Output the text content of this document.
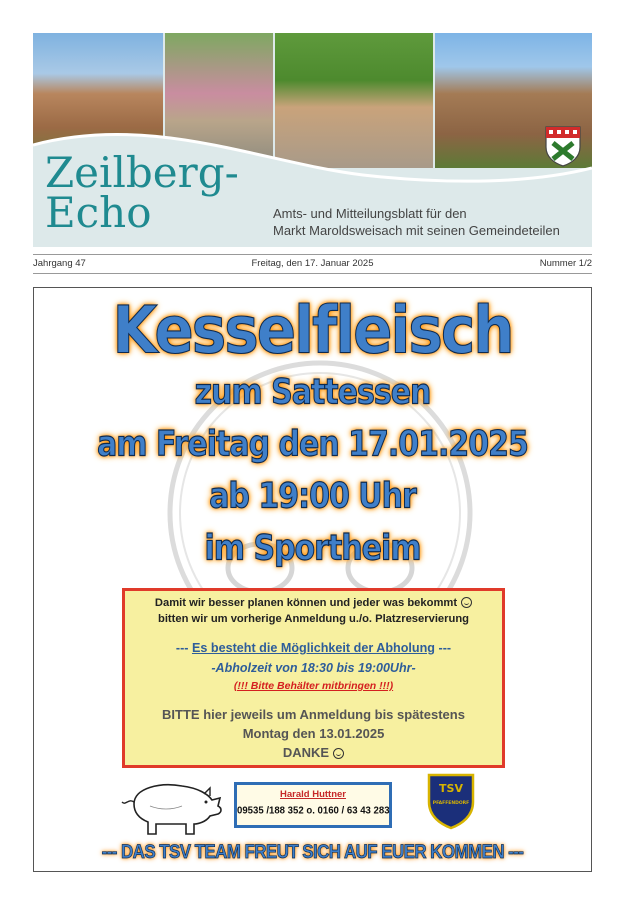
Zeilberg-
Echo	Amts- und Mitteilungsblatt für den
Markt Maroldsweisach mit seinen Gemeindeteilen
Jahrgang 47	Freitag, den 17. Januar 2025	Nummer 1/2
Kesselfleisch
zum Sattessen
am Freitag den 17.01.2025
ab 19:00 Uhr
im Sportheim
Damit wir besser planen können und jeder was bekommt
bitten wir um vorherige Anmeldung u./o. Platzreservierung
--- Es besteht die Möglichkeit der Abholung ---
-Abholzeit von 18:30 bis 19:00Uhr-
(!!! Bitte Behälter mitbringen !!!)
BITTE hier jeweils um Anmeldung bis spätestens
Montag den 13.01.2025
DANKE
Harald Huttner
09535 /188 352 o. 0160 / 63 43 283
TSV
PFAFFENDORF
--- DAS TSV TEAM FREUT SICH AUF EUER KOMMEN ---
